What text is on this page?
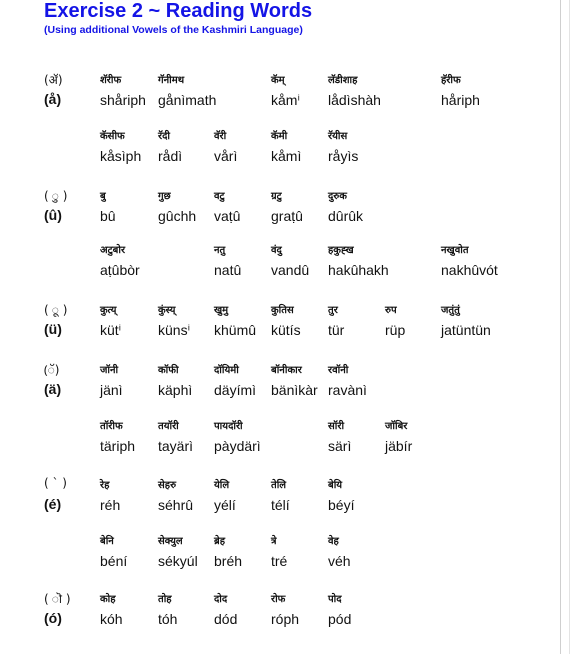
Exercise 2 ~ Reading Words
(Using additional Vowels of the Kashmiri Language)
(ॲ)
(å)
शॅरीफ
shåriph
गॅनीमथ
gånìmath
कॅम्
kåmⁱ
लॅडीशाह
lådìshàh
हॅरीफ
håriph
कॅसीफ
kåsìph
रॅदी
rådì
वॅरी
vårì
कॅमी
kåmì
रॅयीस
råyìs
( ु )
(û)
बु
bû
गुछ
gûchh
वटु
vaṭû
ग्रटु
graṭû
दुरुक
dûrûk
अटुबोर
aṭûbòr
नतु
natû
वंदु
vandû
हकुह्ख
hakûhakh
नखुवोत
nakhûvót
( ू )
(ü)
कुत्य्
kütⁱ
कुंस्य्
künsⁱ
खुमु
khümû
कुतिस
kütís
तुर
tür
रुप
rüp
जतुंतुं
jatüntün
(ॅ)
(ä)
जॉनी
jänì
कॉफी
käphì
दॉयिमी
däyímì
बॉनीकार
bänìkàr
रवॉनी
ravànì
तॉरीफ
täriph
तयॉरी
tayärì
पायदॉरी
pàydärì
सॉरी
särì
जॉबिर
jäbír
( ` )
(é)
रेह
réh
सेहरु
séhrû
येलि
yélí
तेलि
télí
बेयि
béyí
बेनि
béní
सेक्युल
sékyúl
ब्रेह
bréh
त्रे
tré
वेह
véh
( ॊ )
(ó)
कोह
kóh
तोह
tóh
दोद
dód
रोफ
róph
पोद
pód
